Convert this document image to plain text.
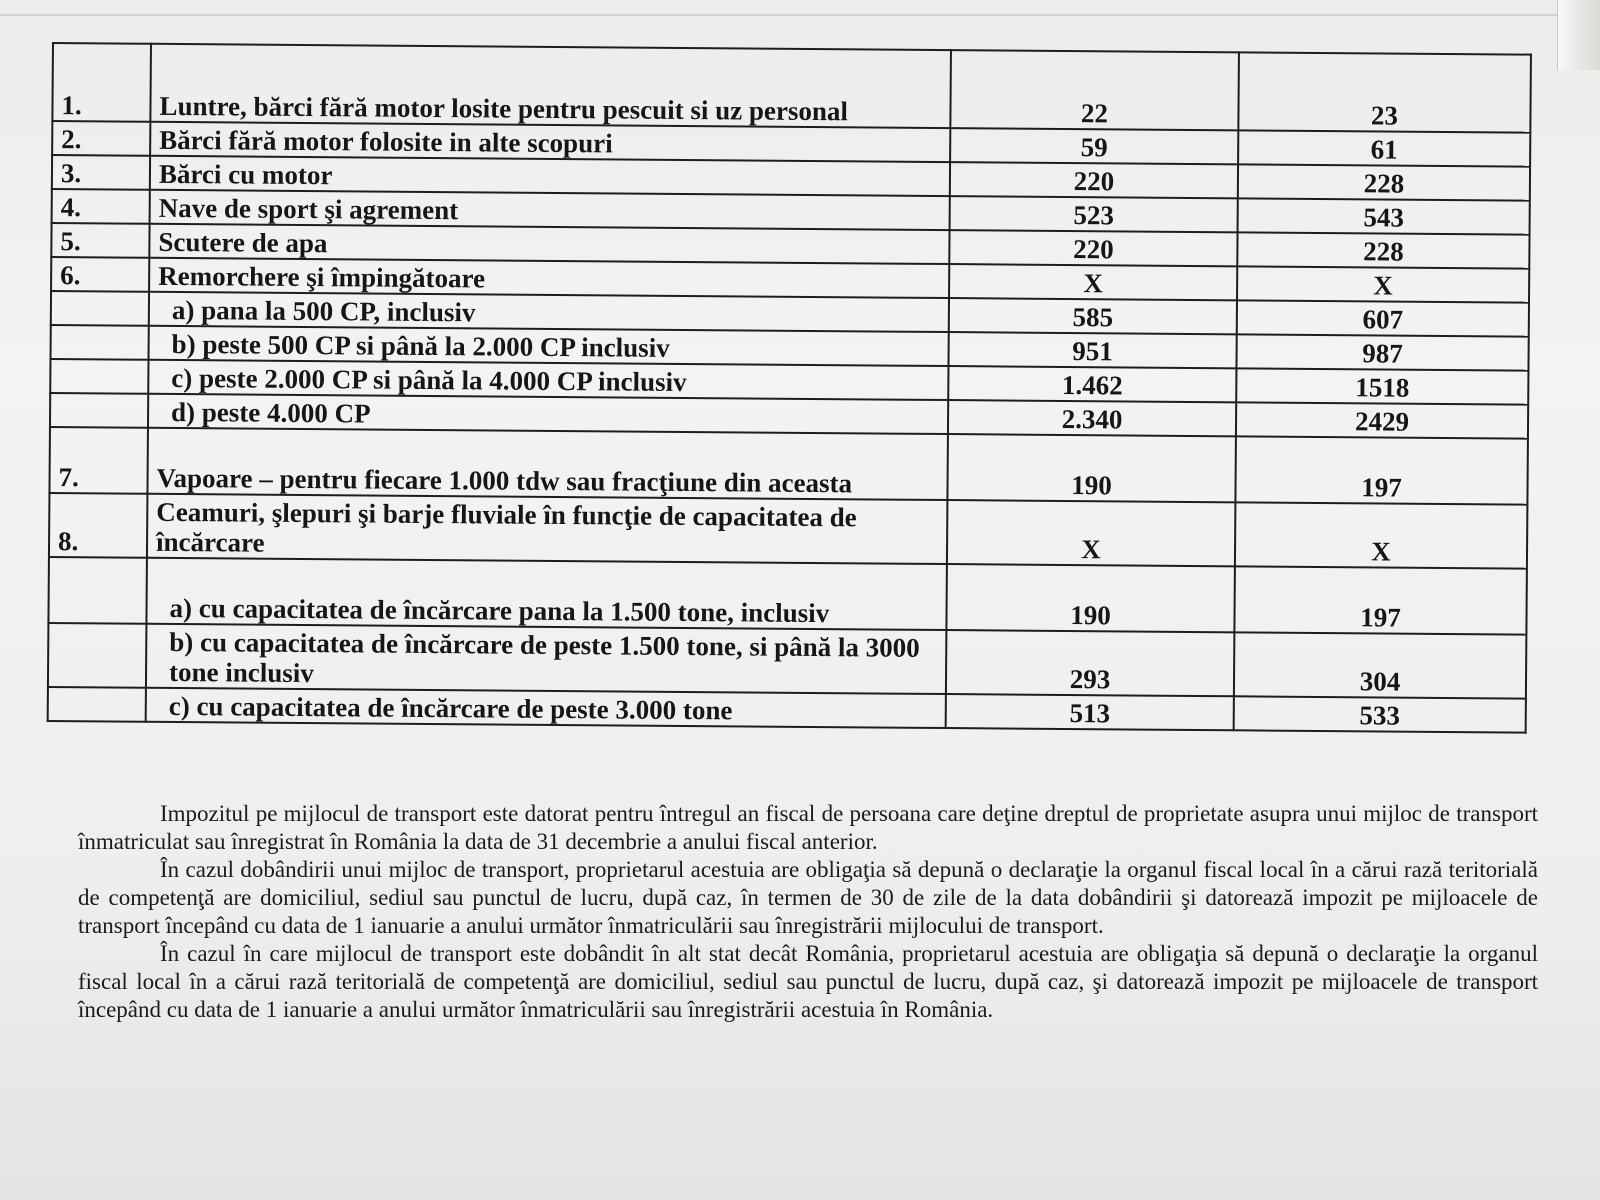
1.	Luntre, bărci fără motor losite pentru pescuit si uz personal	22	23
2.	Bărci fără motor folosite in alte scopuri	59	61
3.	Bărci cu motor	220	228
4.	Nave de sport şi agrement	523	543
5.	Scutere de apa	220	228
6.	Remorchere şi împingătoare	X	X
	a) pana la 500 CP, inclusiv	585	607
	b) peste 500 CP si până la 2.000 CP inclusiv	951	987
	c) peste 2.000 CP si până la 4.000 CP inclusiv	1.462	1518
	d) peste 4.000 CP	2.340	2429
7.	Vapoare – pentru fiecare 1.000 tdw sau fracţiune din aceasta	190	197
8.	Ceamuri, şlepuri şi barje fluviale în funcţie de capacitatea de încărcare	X	X
	a) cu capacitatea de încărcare pana la 1.500 tone, inclusiv	190	197
	b) cu capacitatea de încărcare de peste 1.500 tone, si până la 3000 tone inclusiv	293	304
	c) cu capacitatea de încărcare de peste 3.000 tone	513	533

Impozitul pe mijlocul de transport este datorat pentru întregul an fiscal de persoana care deţine dreptul de proprietate asupra unui mijloc de transport înmatriculat sau înregistrat în România la data de 31 decembrie a anului fiscal anterior.

În cazul dobândirii unui mijloc de transport, proprietarul acestuia are obligaţia să depună o declaraţie la organul fiscal local în a cărui rază teritorială de competenţă are domiciliul, sediul sau punctul de lucru, după caz, în termen de 30 de zile de la data dobândirii şi datorează impozit pe mijloacele de transport începând cu data de 1 ianuarie a anului următor înmatriculării sau înregistrării mijlocului de transport.

În cazul în care mijlocul de transport este dobândit în alt stat decât România, proprietarul acestuia are obligaţia să depună o declaraţie la organul fiscal local în a cărui rază teritorială de competenţă are domiciliul, sediul sau punctul de lucru, după caz, şi datorează impozit pe mijloacele de transport începând cu data de 1 ianuarie a anului următor înmatriculării sau înregistrării acestuia în România.
